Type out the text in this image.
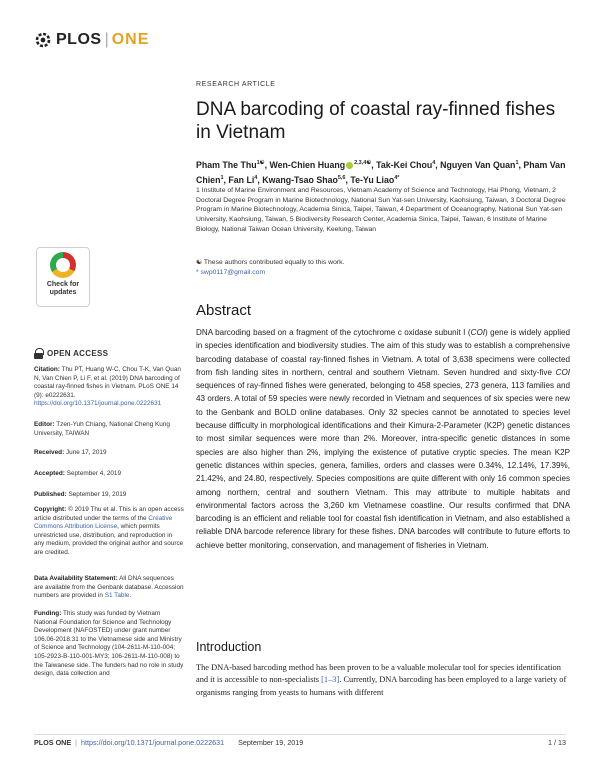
PLOS | ONE
Check for
updates
OPEN ACCESS
Citation: Thu PT, Huang W-C, Chou T-K, Van Quan N, Van Chien P, Li F, et al. (2019) DNA barcoding of coastal ray-finned fishes in Vietnam. PLoS ONE 14 (9): e0222631. https://doi.org/10.1371/journal.pone.0222631
Editor: Tzen-Yuh Chiang, National Cheng Kung University, TAIWAN
Received: June 17, 2019
Accepted: September 4, 2019
Published: September 19, 2019
Copyright: © 2019 Thu et al. This is an open access article distributed under the terms of the Creative Commons Attribution License, which permits unrestricted use, distribution, and reproduction in any medium, provided the original author and source are credited.
Data Availability Statement: All DNA sequences are available from the Genbank database. Accession numbers are provided in S1 Table.
Funding: This study was funded by Vietnam National Foundation for Science and Technology Development (NAFOSTED) under grant number 106.06-2018.31 to the Vietnamese side and Ministry of Science and Technology (104-2611-M-110-004; 105-2923-B-110-001-MY3; 106-2611-M-110-008) to the Taiwanese side. The funders had no role in study design, data collection and
RESEARCH ARTICLE
DNA barcoding of coastal ray-finned fishes in Vietnam
Pham The Thu$^{1☯}$, Wen-Chien Huang $^{2,3,4☯}$, Tak-Kei Chou$^4$, Nguyen Van Quan$^1$, Pham Van Chien$^1$, Fan Li$^4$, Kwang-Tsao Shao$^{5,6}$, Te-Yu Liao$^{4*}$
1 Institute of Marine Environment and Resources, Vietnam Academy of Science and Technology, Hai Phong, Vietnam, 2 Doctoral Degree Program in Marine Biotechnology, National Sun Yat-sen University, Kaohsiung, Taiwan, 3 Doctoral Degree Program in Marine Biotechnology, Academia Sinica, Taipei, Taiwan, 4 Department of Oceanography, National Sun Yat-sen University, Kaohsiung, Taiwan, 5 Biodiversity Research Center, Academia Sinica, Taipei, Taiwan, 6 Institute of Marine Biology, National Taiwan Ocean University, Keelung, Taiwan
☯ These authors contributed equally to this work.
* swp0117@gmail.com
Abstract

DNA barcoding based on a fragment of the cytochrome c oxidase subunit I (COI) gene is widely applied in species identification and biodiversity studies. The aim of this study was to establish a comprehensive barcoding database of coastal ray-finned fishes in Vietnam. A total of 3,638 specimens were collected from fish landing sites in northern, central and southern Vietnam. Seven hundred and sixty-five COI sequences of ray-finned fishes were generated, belonging to 458 species, 273 genera, 113 families and 43 orders. A total of 59 species were newly recorded in Vietnam and sequences of six species were new to the Genbank and BOLD online databases. Only 32 species cannot be annotated to species level because difficulty in morphological identifications and their Kimura-2-Parameter (K2P) genetic distances to most similar sequences were more than 2%. Moreover, intra-specific genetic distances in some species are also higher than 2%, implying the existence of putative cryptic species. The mean K2P genetic distances within species, genera, families, orders and classes were 0.34%, 12.14%, 17.39%, 21.42%, and 24.80, respectively. Species compositions are quite different with only 16 common species among northern, central and southern Vietnam. This may attribute to multiple habitats and environmental factors across the 3,260 km Vietnamese coastline. Our results confirmed that DNA barcoding is an efficient and reliable tool for coastal fish identification in Vietnam, and also established a reliable DNA barcode reference library for these fishes. DNA barcodes will contribute to future efforts to achieve better monitoring, conservation, and management of fisheries in Vietnam.

Introduction

The DNA-based barcoding method has been proven to be a valuable molecular tool for species identification and it is accessible to non-specialists [1–3]. Currently, DNA barcoding has been employed to a large variety of organisms ranging from yeasts to humans with different

PLOS ONE | https://doi.org/10.1371/journal.pone.0222631 September 19, 2019	1 / 13
